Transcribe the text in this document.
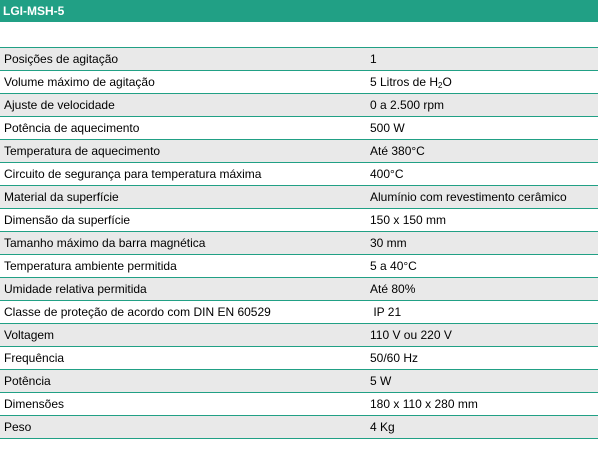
LGI-MSH-5
Posições de agitação	1
Volume máximo de agitação	5 Litros de $H_2O$
Ajuste de velocidade	0 a 2.500 rpm
Potência de aquecimento	500 W
Temperatura de aquecimento	Até 380°C
Circuito de segurança para temperatura máxima	400°C
Material da superfície	Alumínio com revestimento cerâmico
Dimensão da superfície	150 x 150 mm
Tamanho máximo da barra magnética	30 mm
Temperatura ambiente permitida	5 a 40°C
Umidade relativa permitida	Até 80%
Classe de proteção de acordo com DIN EN 60529	IP 21
Voltagem	110 V ou 220 V
Frequência	50/60 Hz
Potência	5 W
Dimensões	180 x 110 x 280 mm
Peso	4 Kg
